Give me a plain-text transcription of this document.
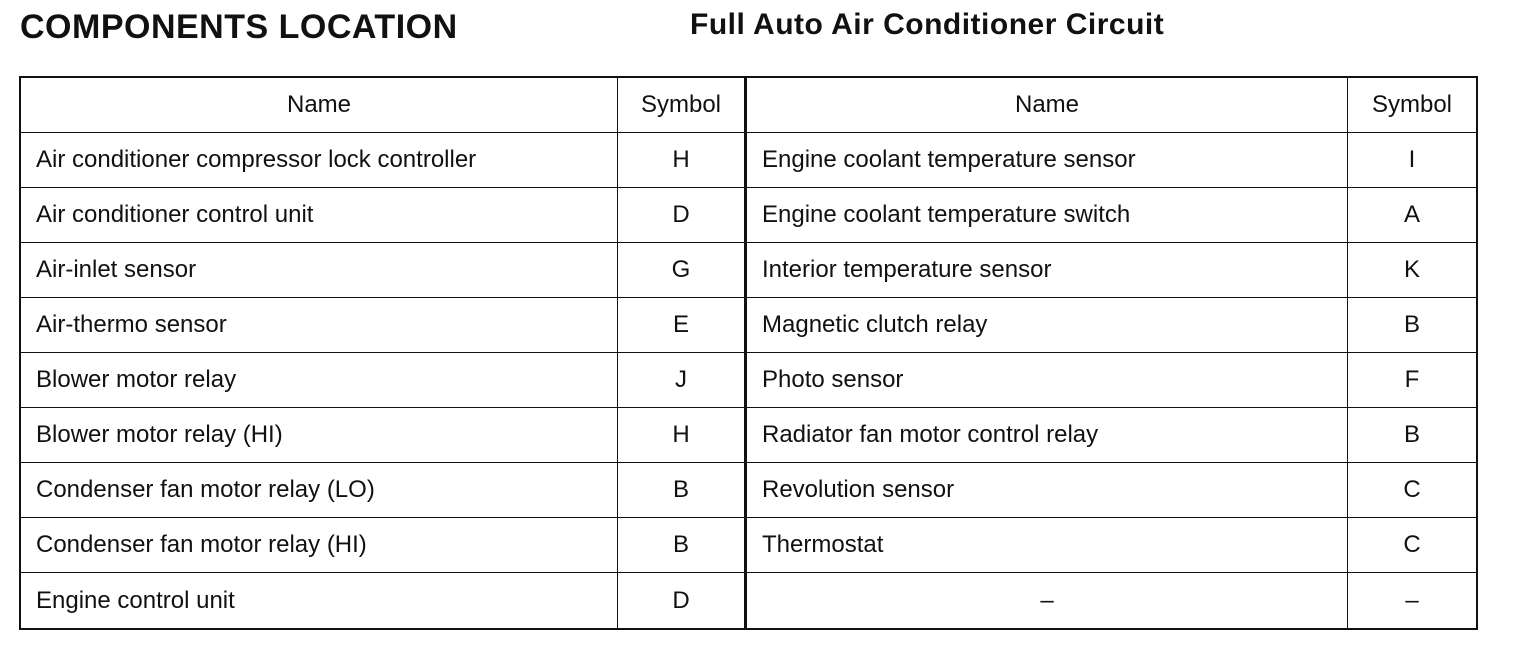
COMPONENTS LOCATION	Full Auto Air Conditioner Circuit
Name	Symbol	Name	Symbol
Air conditioner compressor lock controller	H	Engine coolant temperature sensor	I
Air conditioner control unit	D	Engine coolant temperature switch	A
Air-inlet sensor	G	Interior temperature sensor	K
Air-thermo sensor	E	Magnetic clutch relay	B
Blower motor relay	J	Photo sensor	F
Blower motor relay (HI)	H	Radiator fan motor control relay	B
Condenser fan motor relay (LO)	B	Revolution sensor	C
Condenser fan motor relay (HI)	B	Thermostat	C
Engine control unit	D	–	–
